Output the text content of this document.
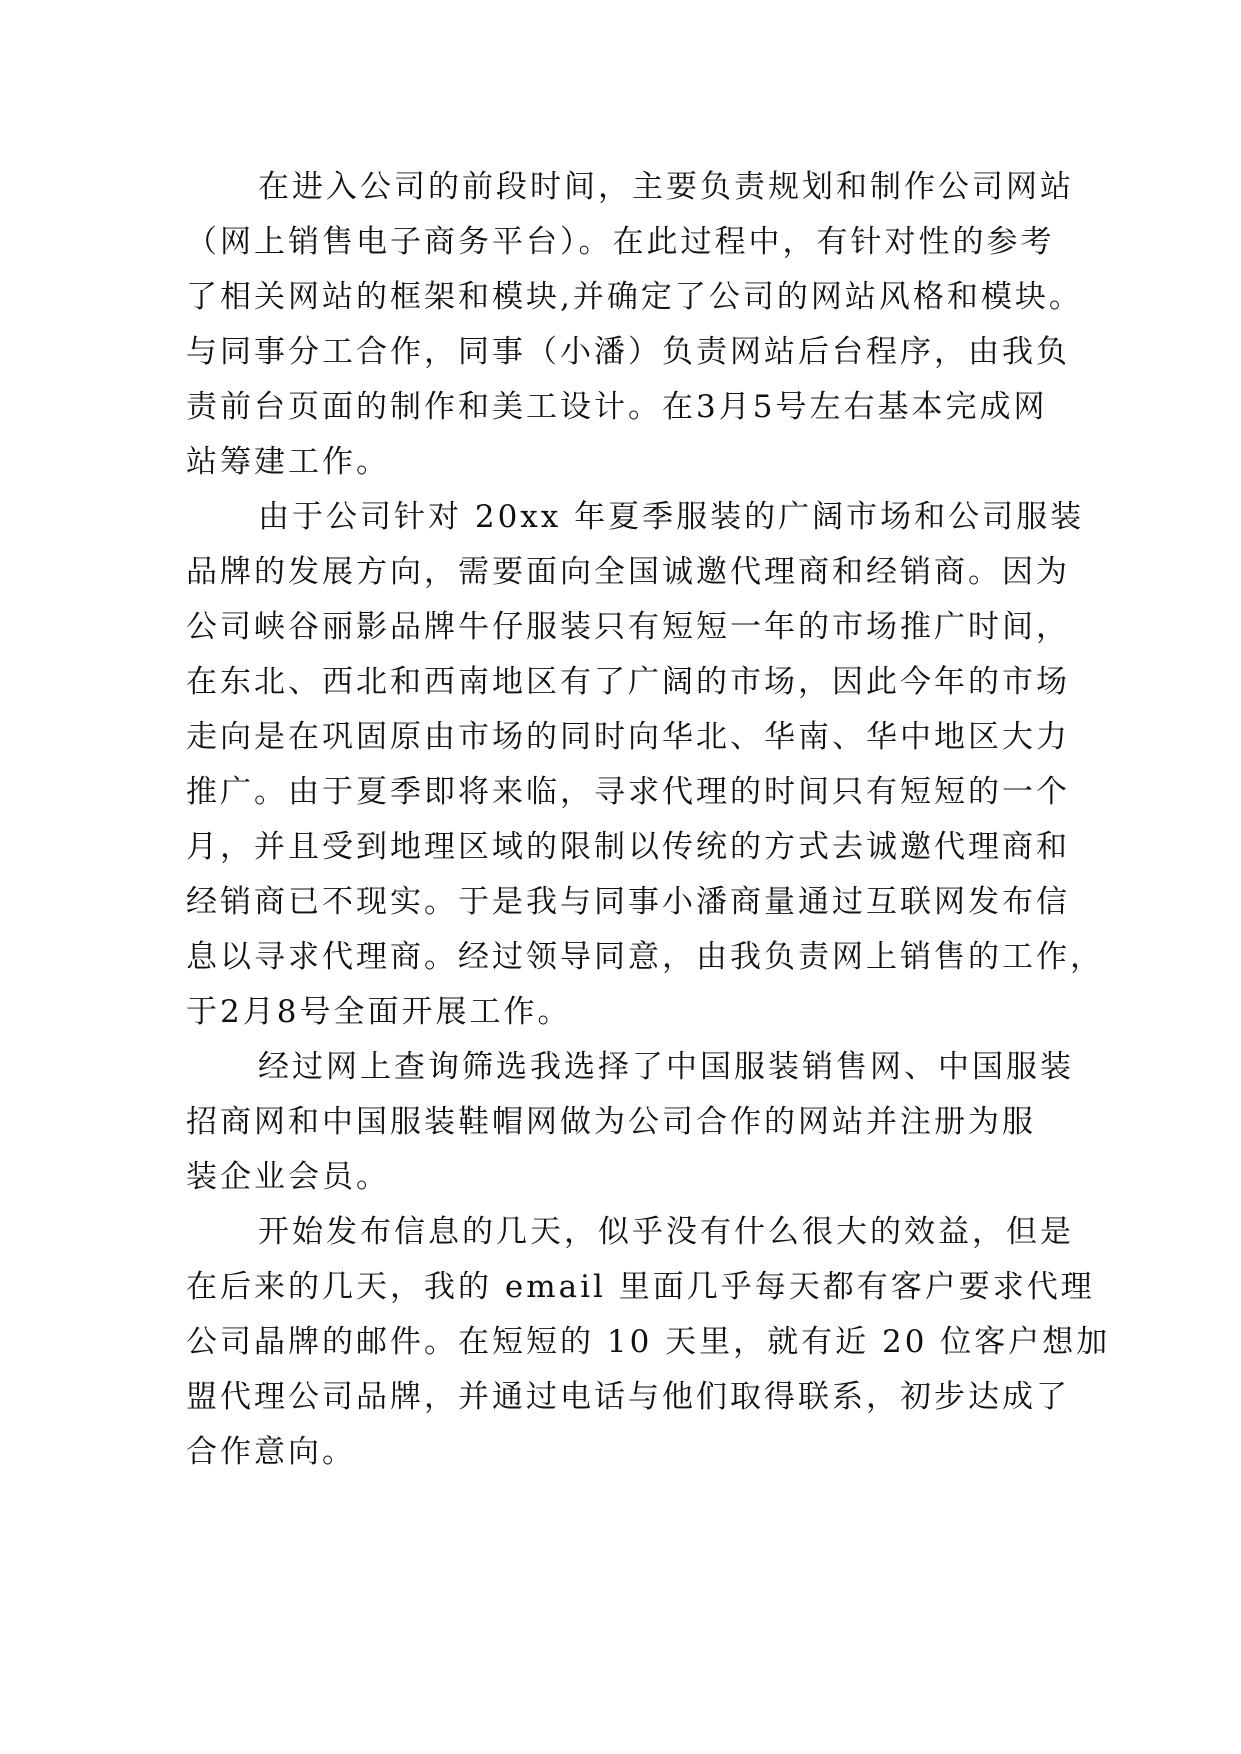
在进入公司的前段时间，主要负责规划和制作公司网站
（网上销售电子商务平台）。在此过程中，有针对性的参考
了相关网站的框架和模块,并确定了公司的网站风格和模块。
与同事分工合作，同事（小潘）负责网站后台程序，由我负
责前台页面的制作和美工设计。在3月5号左右基本完成网
站筹建工作。
由于公司针对 20xx 年夏季服装的广阔市场和公司服装
品牌的发展方向，需要面向全国诚邀代理商和经销商。因为
公司峡谷丽影品牌牛仔服装只有短短一年的市场推广时间，
在东北、西北和西南地区有了广阔的市场，因此今年的市场
走向是在巩固原由市场的同时向华北、华南、华中地区大力
推广。由于夏季即将来临，寻求代理的时间只有短短的一个
月，并且受到地理区域的限制以传统的方式去诚邀代理商和
经销商已不现实。于是我与同事小潘商量通过互联网发布信
息以寻求代理商。经过领导同意，由我负责网上销售的工作，
于2月8号全面开展工作。
经过网上查询筛选我选择了中国服装销售网、中国服装
招商网和中国服装鞋帽网做为公司合作的网站并注册为服
装企业会员。
开始发布信息的几天，似乎没有什么很大的效益，但是
在后来的几天，我的 email 里面几乎每天都有客户要求代理
公司晶牌的邮件。在短短的 10 天里，就有近 20 位客户想加
盟代理公司品牌，并通过电话与他们取得联系，初步达成了
合作意向。
